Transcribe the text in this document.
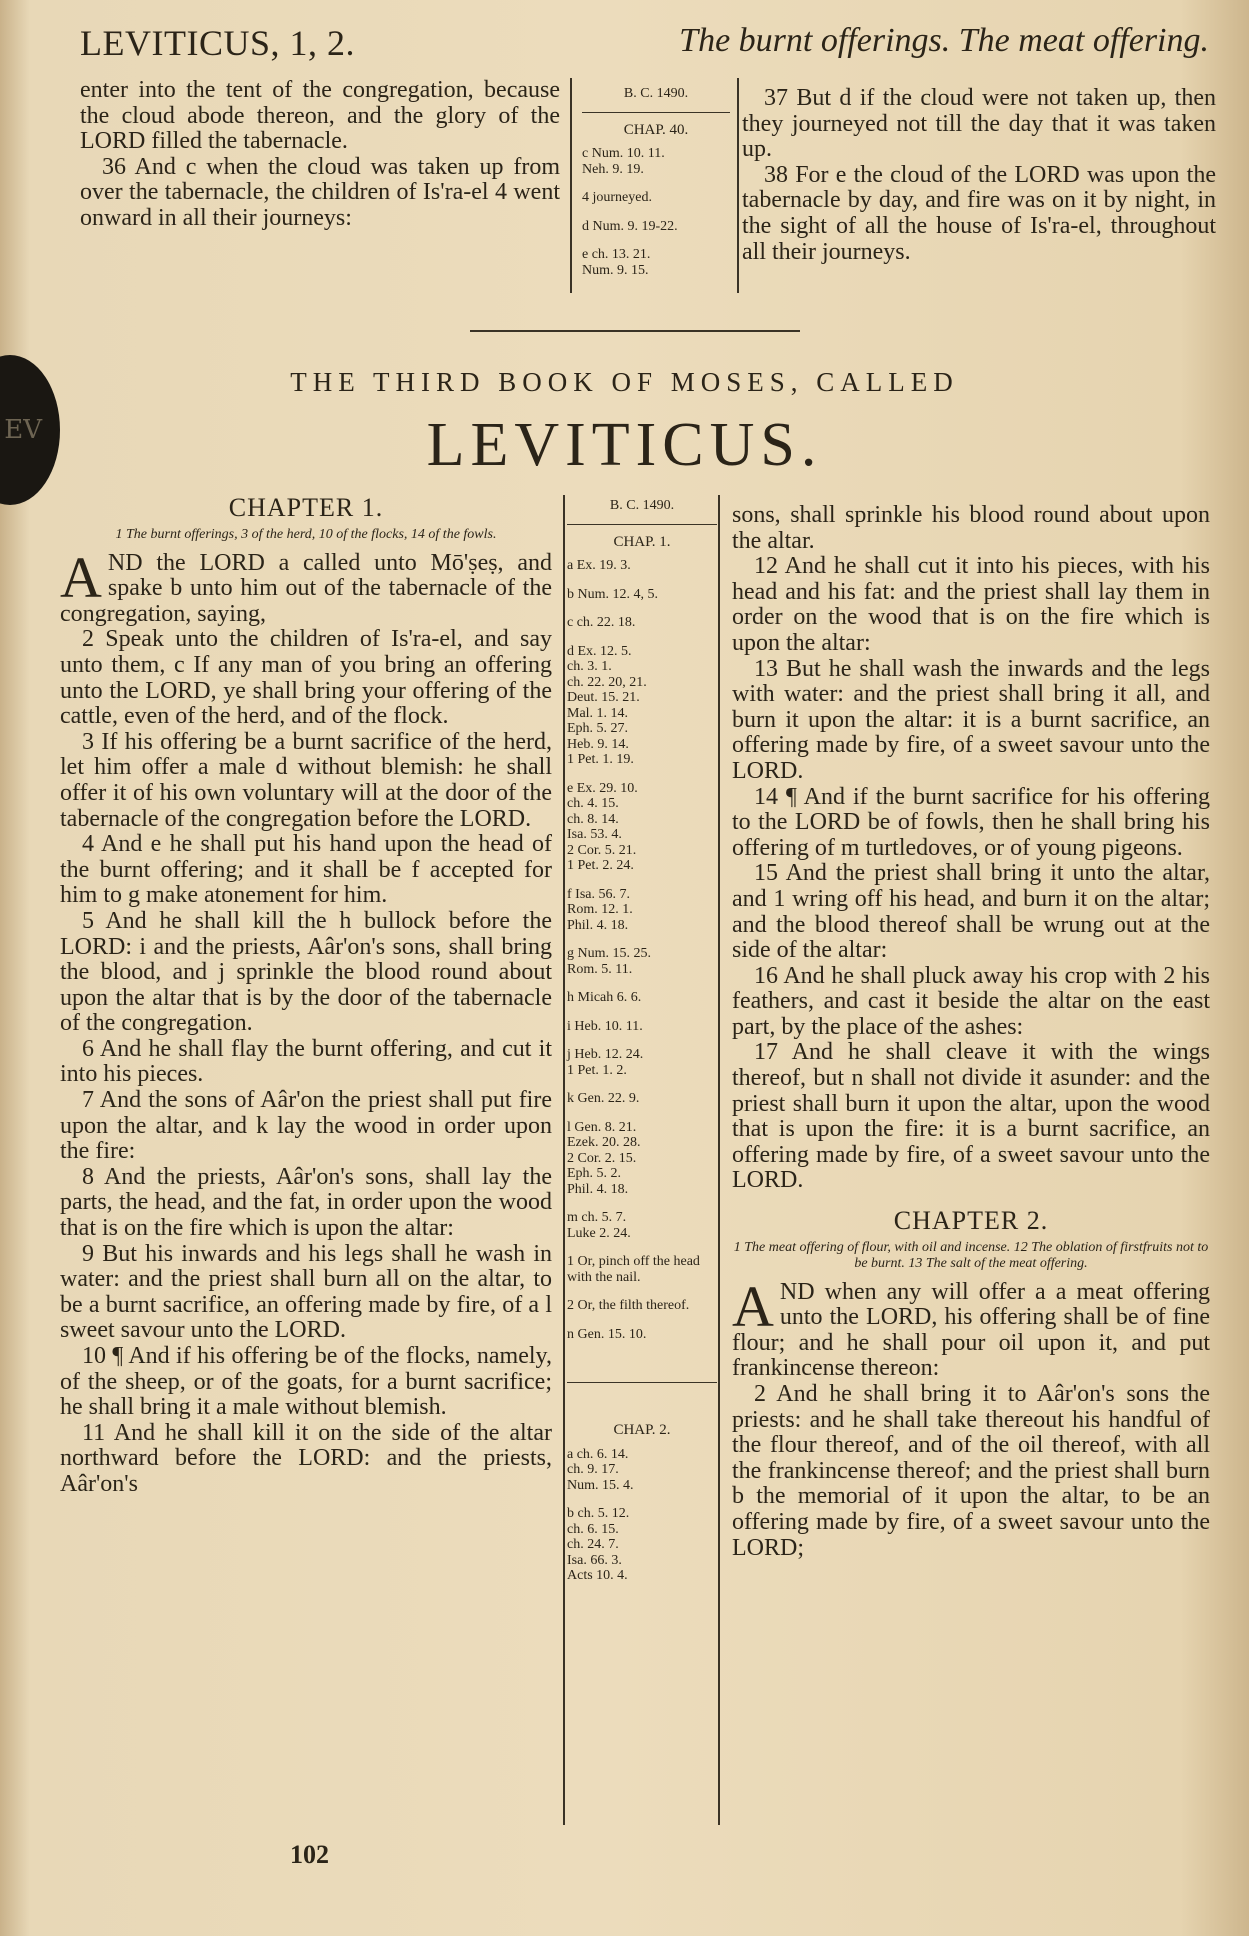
EV
LEVITICUS, 1, 2.	The burnt offerings. The meat offering.

enter into the tent of the congregation, because the cloud abode thereon, and the glory of the LORD filled the tabernacle.

36 And c when the cloud was taken up from over the tabernacle, the children of Is'ra-el 4 went onward in all their journeys:

B. C. 1490.
CHAP. 40.
c Num. 10. 11.
Neh. 9. 19.
4 journeyed.
d Num. 9. 19-22.
e ch. 13. 21.
Num. 9. 15.

37 But d if the cloud were not taken up, then they journeyed not till the day that it was taken up.

38 For e the cloud of the LORD was upon the tabernacle by day, and fire was on it by night, in the sight of all the house of Is'ra-el, throughout all their journeys.

THE THIRD BOOK OF MOSES, CALLED
LEVITICUS.
CHAPTER 1.
1 The burnt offerings, 3 of the herd, 10 of the flocks, 14 of the fowls.

AND the LORD a called unto Mō'ṣeṣ, and spake b unto him out of the tabernacle of the congregation, saying,

2 Speak unto the children of Is'ra-el, and say unto them, c If any man of you bring an offering unto the LORD, ye shall bring your offering of the cattle, even of the herd, and of the flock.

3 If his offering be a burnt sacrifice of the herd, let him offer a male d without blemish: he shall offer it of his own voluntary will at the door of the tabernacle of the congregation before the LORD.

4 And e he shall put his hand upon the head of the burnt offering; and it shall be f accepted for him to g make atonement for him.

5 And he shall kill the h bullock before the LORD: i and the priests, Aâr'on's sons, shall bring the blood, and j sprinkle the blood round about upon the altar that is by the door of the tabernacle of the congregation.

6 And he shall flay the burnt offering, and cut it into his pieces.

7 And the sons of Aâr'on the priest shall put fire upon the altar, and k lay the wood in order upon the fire:

8 And the priests, Aâr'on's sons, shall lay the parts, the head, and the fat, in order upon the wood that is on the fire which is upon the altar:

9 But his inwards and his legs shall he wash in water: and the priest shall burn all on the altar, to be a burnt sacrifice, an offering made by fire, of a l sweet savour unto the LORD.

10 ¶ And if his offering be of the flocks, namely, of the sheep, or of the goats, for a burnt sacrifice; he shall bring it a male without blemish.

11 And he shall kill it on the side of the altar northward before the LORD: and the priests, Aâr'on's

B. C. 1490.
CHAP. 1.
a Ex. 19. 3.
b Num. 12. 4, 5.
c ch. 22. 18.
d Ex. 12. 5.
ch. 3. 1.
ch. 22. 20, 21.
Deut. 15. 21.
Mal. 1. 14.
Eph. 5. 27.
Heb. 9. 14.
1 Pet. 1. 19.
e Ex. 29. 10.
ch. 4. 15.
ch. 8. 14.
Isa. 53. 4.
2 Cor. 5. 21.
1 Pet. 2. 24.
f Isa. 56. 7.
Rom. 12. 1.
Phil. 4. 18.
g Num. 15. 25.
Rom. 5. 11.
h Micah 6. 6.
i Heb. 10. 11.
j Heb. 12. 24.
1 Pet. 1. 2.
k Gen. 22. 9.
l Gen. 8. 21.
Ezek. 20. 28.
2 Cor. 2. 15.
Eph. 5. 2.
Phil. 4. 18.
m ch. 5. 7.
Luke 2. 24.
1 Or, pinch off the head with the nail.
2 Or, the filth thereof.
n Gen. 15. 10.
CHAP. 2.
a ch. 6. 14.
ch. 9. 17.
Num. 15. 4.
b ch. 5. 12.
ch. 6. 15.
ch. 24. 7.
Isa. 66. 3.
Acts 10. 4.

sons, shall sprinkle his blood round about upon the altar.

12 And he shall cut it into his pieces, with his head and his fat: and the priest shall lay them in order on the wood that is on the fire which is upon the altar:

13 But he shall wash the inwards and the legs with water: and the priest shall bring it all, and burn it upon the altar: it is a burnt sacrifice, an offering made by fire, of a sweet savour unto the LORD.

14 ¶ And if the burnt sacrifice for his offering to the LORD be of fowls, then he shall bring his offering of m turtledoves, or of young pigeons.

15 And the priest shall bring it unto the altar, and 1 wring off his head, and burn it on the altar; and the blood thereof shall be wrung out at the side of the altar:

16 And he shall pluck away his crop with 2 his feathers, and cast it beside the altar on the east part, by the place of the ashes:

17 And he shall cleave it with the wings thereof, but n shall not divide it asunder: and the priest shall burn it upon the altar, upon the wood that is upon the fire: it is a burnt sacrifice, an offering made by fire, of a sweet savour unto the LORD.

CHAPTER 2.
1 The meat offering of flour, with oil and incense. 12 The oblation of firstfruits not to be burnt. 13 The salt of the meat offering.

AND when any will offer a a meat offering unto the LORD, his offering shall be of fine flour; and he shall pour oil upon it, and put frankincense thereon:

2 And he shall bring it to Aâr'on's sons the priests: and he shall take thereout his handful of the flour thereof, and of the oil thereof, with all the frankincense thereof; and the priest shall burn b the memorial of it upon the altar, to be an offering made by fire, of a sweet savour unto the LORD;

102
